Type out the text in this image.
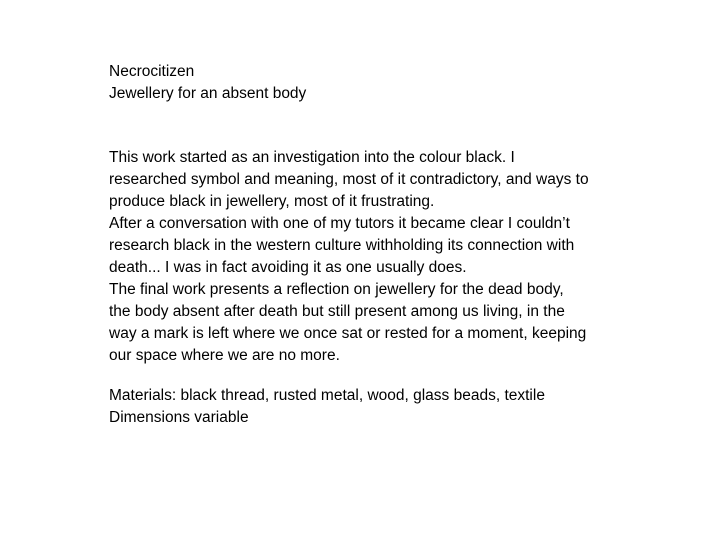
Necrocitizen
Jewellery for an absent body
This work started as an investigation into the colour black. I
researched symbol and meaning, most of it contradictory, and ways to
produce black in jewellery, most of it frustrating.
After a conversation with one of my tutors it became clear I couldn’t
research black in the western culture withholding its connection with
death... I was in fact avoiding it as one usually does.
The final work presents a reflection on jewellery for the dead body,
the body absent after death but still present among us living, in the
way a mark is left where we once sat or rested for a moment, keeping
our space where we are no more.
Materials: black thread, rusted metal, wood, glass beads, textile
Dimensions variable
